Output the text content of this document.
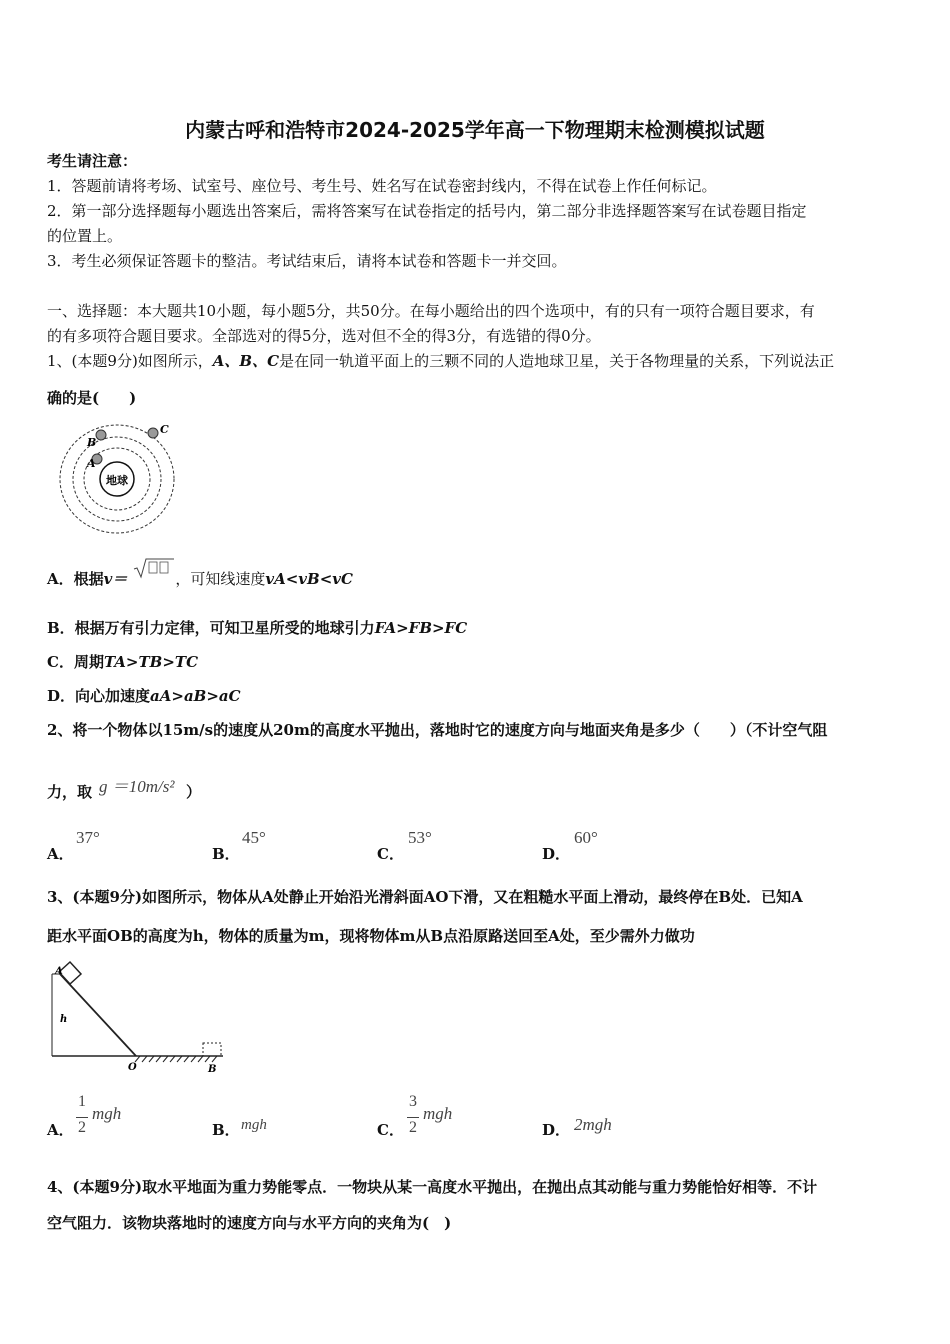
内蒙古呼和浩特市2024-2025学年高一下物理期末检测模拟试题
考生请注意：
1．答题前请将考场、试室号、座位号、考生号、姓名写在试卷密封线内，不得在试卷上作任何标记。
2．第一部分选择题每小题选出答案后，需将答案写在试卷指定的括号内，第二部分非选择题答案写在试卷题目指定
的位置上。
3．考生必须保证答题卡的整洁。考试结束后，请将本试卷和答题卡一并交回。
一、选择题：本大题共10小题，每小题5分，共50分。在每小题给出的四个选项中，有的只有一项符合题目要求，有
的有多项符合题目要求。全部选对的得5分，选对但不全的得3分，有选错的得0分。
1、(本题9分)如图所示，A、B、C是在同一轨道平面上的三颗不同的人造地球卫星，关于各物理量的关系，下列说法正
确的是(　　)
地球
A
B
C
A．根据v＝	，可知线速度vA<vB<vC
B．根据万有引力定律，可知卫星所受的地球引力FA>FB>FC
C．周期TA>TB>TC
D．向心加速度aA>aB>aC
2、将一个物体以15m/s的速度从20m的高度水平抛出，落地时它的速度方向与地面夹角是多少（　　）（不计空气阻
力，取 g ＝10m/s² ）
A．
37°
B．
45°
C．
53°
D．
60°
3、(本题9分)如图所示，物体从A处静止开始沿光滑斜面AO下滑，又在粗糙水平面上滑动，最终停在B处．已知A
距水平面OB的高度为h，物体的质量为m，现将物体m从B点沿原路送回至A处，至少需外力做功
A
h
O	B
A．
1
2
mgh
B． mgh	C．
3
2
mgh
D． 2mgh
4、(本题9分)取水平地面为重力势能零点．一物块从某一高度水平抛出，在抛出点其动能与重力势能恰好相等．不计
空气阻力．该物块落地时的速度方向与水平方向的夹角为(　)
